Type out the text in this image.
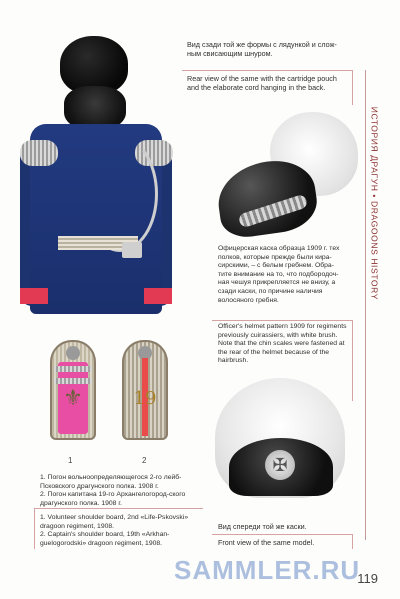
Вид сзади той же формы с лядункой и слож-ным свисающим шнуром.
Rear view of the same with the cartridge pouch and the elaborate cord hanging in the back.
Офицерская каска образца 1909 г. тех полков, которые прежде были кира-сирскими, – с белым гребнем. Обра-тите внимание на то, что подбородоч-ная чешуя прикрепляется не внизу, а сзади каски, по причине наличия волосяного гребня.
Officer's helmet pattern 1909 for regiments previously cuirassiers, with white brush. Note that the chin scales were fastened at the rear of the helmet because of the hairbrush.
⚜	19
1	2
1. Погон вольноопределяющегося 2-го лейб-Псковского драгунского полка. 1908 г.
2. Погон капитана 19-го Архангелогород-ского драгунского полка. 1908 г.
1. Volunteer shoulder board, 2nd «Life-Pskovski» dragoon regiment, 1908.
2. Captain's shoulder board, 19th «Arkhan-guelogorodski» dragoon regiment, 1908.
✠
Вид спереди той же каски.
Front view of the same model.
ИСТОРИЯ ДРАГУН • DRAGOONS HISTORY
SAMMLER.RU
119
